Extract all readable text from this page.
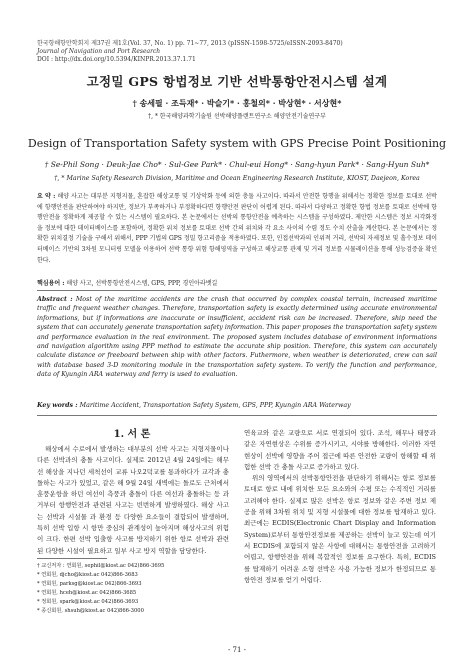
한국항해항만학회지 제37권 제1호(Vol. 37, No. 1) pp. 71~77, 2013 (pISSN-1598-5725/eISSN-2093-8470)
Journal of Navigation and Port Research
DOI : http://dx.doi.org/10.5394/KINPR.2013.37.1.71
고정밀 GPS 항법정보 기반 선박통항안전시스템 설계
† 송세필 · 조득재* · 박슬기* · 홍철의* · 박상현* · 서상현*
†, * 한국해양과학기술원 선박해양플랜트연구소 해양안전기술연구부
Design of Transportation Safety system with GPS Precise Point Positioning
† Se-Phil Song · Deuk-Jae Cho* · Sul-Gee Park* · Chul-eui Hong* · Sang-hyun Park* · Sang-Hyun Suh*
†, * Marine Safety Research Division, Maritime and Ocean Engineering Research Institute, KIOST, Daejeon, Korea
요 약 : 해양 사고는 대부분 지형지물, 혼잡한 해상교통 및 기상악화 등에 의한 충돌 사고이다. 따라서 안전한 항행을 위해서는 정확한 정보를 토대로 선박에 항행안전을 판단하여야 하지만, 정보가 부족하거나 부정확하다면 항행안전 판단이 어렵게 된다. 따라서 다양하고 정확한 항법 정보를 토대로 선박에 항행안전을 정확하게 제공할 수 있는 시스템이 필요하다. 본 논문에서는 선박의 통항안전을 예측하는 시스템을 구성하였다. 제안한 시스템은 정보 시각화정을 정보에 대한 데이터베이스를 포함하며, 정확한 위치 정보를 토대로 선박 간의 위치와 각 요소 사이의 수렴 정도 수치 산출을 계산한다. 본 논문에서는 정확한 위치결정 기술을 구해서 위해서, PPP 기법의 GPS 정밀 항고리즘을 적용하였다. 또한, 인접선박과의 인위적 거리, 선박의 자세정보 및 흘수정보 데이터베이스 기반의 3차원 모니터링 모델을 이용하여 선박 통항 위험 항해영역을 구성하고 해상교통 관제 및 거리 정보를 시뮬레이션을 통해 성능검증을 확인한다.
핵심용어 : 해양 사고, 선박통항안전시스템, GPS, PPP, 경인아라뱃길
Abstract : Most of the maritime accidents are the crash that occurred by complex coastal terrain, increased maritime traffic and frequent weather changes. Therefore, transportation safety is exactly determined using accurate environmental informations, but if informations are inaccurate or insufficient, accident risk can be increased. Therefore, ship need the system that can accurately generate transportation safety information. This paper proposes the transportation safety system and performance evaluation in the real environment. The proposed system includes database of environment informations and navigation algorithm using PPP method to estimate the accurate ship position. Therefore, this system can accurately calculate distance or freeboard between ship with other factors. Futhermore, when weather is deteriorated, crew can sail with database based 3-D monitoring module in the transportation safety system. To verify the function and performance, data of Kyungin ARA waterway and ferry is used to evaluation.
Key words : Maritime Accident, Transportation Safety System, GPS, PPP, Kyungin ARA Waterway
1. 서 론

해상에서 수로에서 발생하는 대부분의 선박 사고는 지형지물이나 다른 선박과의 충돌 사고이다. 실제로 2012년 4월 24일에는 해무 선 해상을 지나던 세척선이 교류 나오2덕교를 통과하다가 교각과 충돌하는 사고가 있었고, 같은 해 9월 24일 새벽에는 돌로도 근처에서 훈풍운항을 하던 여선이 측풍과 충돌이 다른 여선과 충돌하는 등 과거부터 항행안전과 관련된 사고는 빈번하게 발생하였다. 해상 사고는 선박과 시설물 과 환경 등 다양한 요소들이 결합되어 발생하며, 특히 선박 입항 시 항만 중심의 관계성이 높아지며 해상사고의 위험이 크다. 한편 선박 입출항 사고를 방지하기 위한 항로 선박과 관련된 다양한 시설이 필요하고 일부 사고 방지 역할을 담당한다.

연육교와 같은 교량으로 서로 연결되어 있다. 조석, 해무나 태풍과 같은 자연현상은 수위를 증가시키고, 시야를 방해한다. 이러한 자연현상이 선박에 영향을 주어 접근에 따른 안전한 교량이 항해할 때 위험한 선박 간 충돌 사고로 증가하고 있다.

위의 영역에서의 선박통항안전을 판단하기 위해서는 항로 정보를 토대로 항로 내에 위치한 모든 요소와의 수평 또는 수직적인 거리를 고려해야 한다. 실제로 많은 선박은 항로 정보와 같은 주변 정보 제공을 위해 3차원 위치 및 지형 시설물에 대한 정보를 탑재하고 있다. 최근에는 ECDIS(Electronic Chart Display and Information System)로부터 통항안전정보를 제공하는 선박이 늘고 있는데 여기서 ECDIS에 포함되지 않은 사항에 대해서는 통항안전을 고려하기 어렵고, 항행안전을 위해 복합적인 정보를 요구한다. 특히, ECDIS를 탑재하기 어려운 소형 선박은 사용 가능한 정보가 한정되므로 통항안전 정보를 얻기 어렵다.

† 교신저자 : 연회원, sephil@kiost.ac 042)866-3695
* 연회원, djcho@kiost.ac 042)866-3683
* 연회원, parksg@kiost.ac 042)866-3693
* 연회원, hceh@kiost.ac 042)866-3685
* 정회원, spark@kiost.ac 042)866-3693
* 종신회원, shsuh@kiost.ac 042)866-3000
- 71 -
